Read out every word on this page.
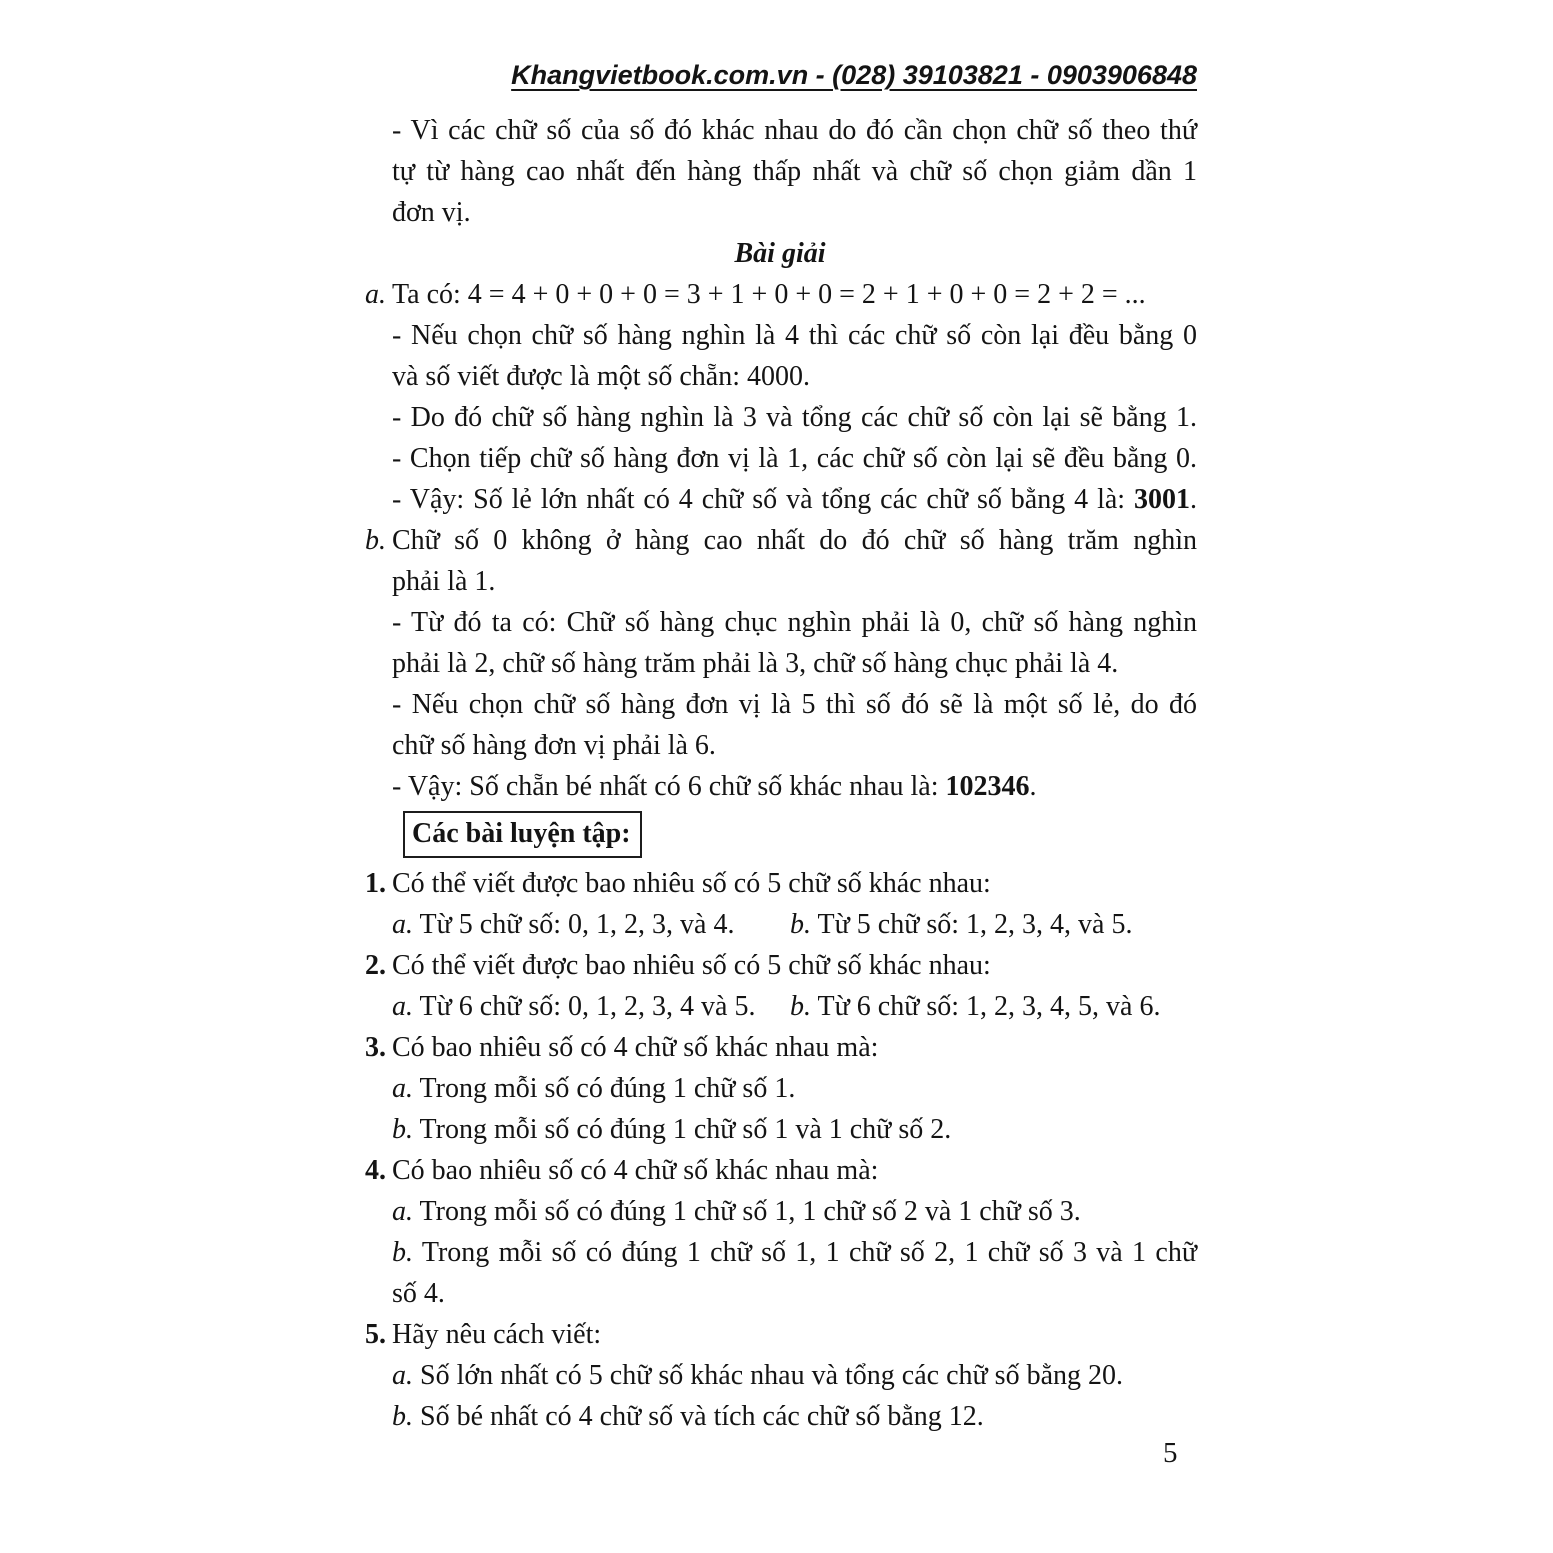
Khangvietbook.com.vn - (028) 39103821 - 0903906848
- Vì các chữ số của số đó khác nhau do đó cần chọn chữ số theo thứ
tự từ hàng cao nhất đến hàng thấp nhất và chữ số chọn giảm dần 1
đơn vị.
Bài giải
a. Ta có: 4 = 4 + 0 + 0 + 0 = 3 + 1 + 0 + 0 = 2 + 1 + 0 + 0 = 2 + 2 = ...
- Nếu chọn chữ số hàng nghìn là 4 thì các chữ số còn lại đều bằng 0
và số viết được là một số chẵn: 4000.
- Do đó chữ số hàng nghìn là 3 và tổng các chữ số còn lại sẽ bằng 1.
- Chọn tiếp chữ số hàng đơn vị là 1, các chữ số còn lại sẽ đều bằng 0.
- Vậy: Số lẻ lớn nhất có 4 chữ số và tổng các chữ số bằng 4 là: 3001.
b. Chữ số 0 không ở hàng cao nhất do đó chữ số hàng trăm nghìn
phải là 1.
- Từ đó ta có: Chữ số hàng chục nghìn phải là 0, chữ số hàng nghìn
phải là 2, chữ số hàng trăm phải là 3, chữ số hàng chục phải là 4.
- Nếu chọn chữ số hàng đơn vị là 5 thì số đó sẽ là một số lẻ, do đó
chữ số hàng đơn vị phải là 6.
- Vậy: Số chẵn bé nhất có 6 chữ số khác nhau là: 102346.
Các bài luyện tập:
1. Có thể viết được bao nhiêu số có 5 chữ số khác nhau:
a. Từ 5 chữ số: 0, 1, 2, 3, và 4.	b. Từ 5 chữ số: 1, 2, 3, 4, và 5.
2. Có thể viết được bao nhiêu số có 5 chữ số khác nhau:
a. Từ 6 chữ số: 0, 1, 2, 3, 4 và 5.	b. Từ 6 chữ số: 1, 2, 3, 4, 5, và 6.
3. Có bao nhiêu số có 4 chữ số khác nhau mà:
a. Trong mỗi số có đúng 1 chữ số 1.
b. Trong mỗi số có đúng 1 chữ số 1 và 1 chữ số 2.
4. Có bao nhiêu số có 4 chữ số khác nhau mà:
a. Trong mỗi số có đúng 1 chữ số 1, 1 chữ số 2 và 1 chữ số 3.
b. Trong mỗi số có đúng 1 chữ số 1, 1 chữ số 2, 1 chữ số 3 và 1 chữ
số 4.
5. Hãy nêu cách viết:
a. Số lớn nhất có 5 chữ số khác nhau và tổng các chữ số bằng 20.
b. Số bé nhất có 4 chữ số và tích các chữ số bằng 12.
5
